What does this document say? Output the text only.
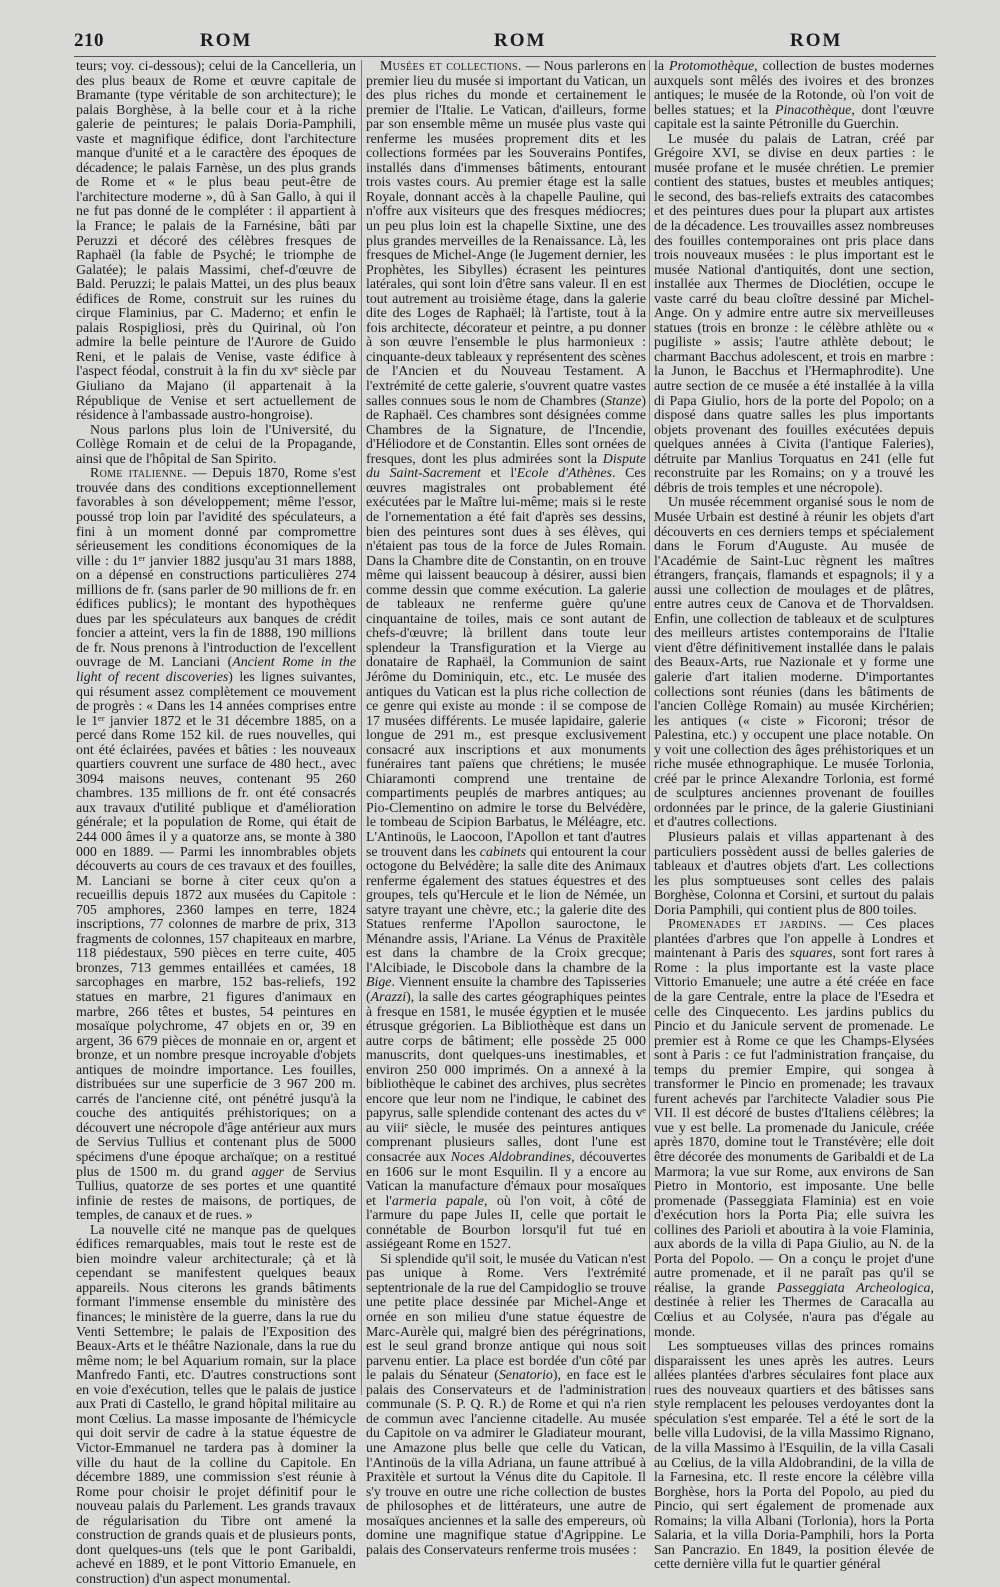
210	ROM	ROM	ROM

teurs; voy. ci-dessous); celui de la Cancelleria, un des plus beaux de Rome et œuvre capitale de Bramante (type véritable de son architecture); le palais Borghèse, à la belle cour et à la riche galerie de peintures; le palais Doria-Pamphili, vaste et magnifique édifice, dont l'architecture manque d'unité et a le caractère des époques de décadence; le palais Farnèse, un des plus grands de Rome et « le plus beau peut-être de l'architecture moderne », dû à San Gallo, à qui il ne fut pas donné de le compléter : il appartient à la France; le palais de la Farnésine, bâti par Peruzzi et décoré des célèbres fresques de Raphaël (la fable de Psyché; le triomphe de Galatée); le palais Massimi, chef-d'œuvre de Bald. Peruzzi; le palais Mattei, un des plus beaux édifices de Rome, construit sur les ruines du cirque Flaminius, par C. Maderno; et enfin le palais Rospigliosi, près du Quirinal, où l'on admire la belle peinture de l'Aurore de Guido Reni, et le palais de Venise, vaste édifice à l'aspect féodal, construit à la fin du xvᵉ siècle par Giuliano da Majano (il appartenait à la République de Venise et sert actuellement de résidence à l'ambassade austro-hongroise).

Nous parlons plus loin de l'Université, du Collège Romain et de celui de la Propagande, ainsi que de l'hôpital de San Spirito.

Rome italienne. — Depuis 1870, Rome s'est trouvée dans des conditions exceptionnellement favorables à son développement; même l'essor, poussé trop loin par l'avidité des spéculateurs, a fini à un moment donné par compromettre sérieusement les conditions économiques de la ville : du 1ᵉʳ janvier 1882 jusqu'au 31 mars 1888, on a dépensé en constructions particulières 274 millions de fr. (sans parler de 90 millions de fr. en édifices publics); le montant des hypothèques dues par les spéculateurs aux banques de crédit foncier a atteint, vers la fin de 1888, 190 millions de fr. Nous prenons à l'introduction de l'excellent ouvrage de M. Lanciani (Ancient Rome in the light of recent discoveries) les lignes suivantes, qui résument assez complètement ce mouvement de progrès : « Dans les 14 années comprises entre le 1ᵉʳ janvier 1872 et le 31 décembre 1885, on a percé dans Rome 152 kil. de rues nouvelles, qui ont été éclairées, pavées et bâties : les nouveaux quartiers couvrent une surface de 480 hect., avec 3094 maisons neuves, contenant 95 260 chambres. 135 millions de fr. ont été consacrés aux travaux d'utilité publique et d'amélioration générale; et la population de Rome, qui était de 244 000 âmes il y a quatorze ans, se monte à 380 000 en 1889. — Parmi les innombrables objets découverts au cours de ces travaux et des fouilles, M. Lanciani se borne à citer ceux qu'on a recueillis depuis 1872 aux musées du Capitole : 705 amphores, 2360 lampes en terre, 1824 inscriptions, 77 colonnes de marbre de prix, 313 fragments de colonnes, 157 chapiteaux en marbre, 118 piédestaux, 590 pièces en terre cuite, 405 bronzes, 713 gemmes entaillées et camées, 18 sarcophages en marbre, 152 bas-reliefs, 192 statues en marbre, 21 figures d'animaux en marbre, 266 têtes et bustes, 54 peintures en mosaïque polychrome, 47 objets en or, 39 en argent, 36 679 pièces de monnaie en or, argent et bronze, et un nombre presque incroyable d'objets antiques de moindre importance. Les fouilles, distribuées sur une superficie de 3 967 200 m. carrés de l'ancienne cité, ont pénétré jusqu'à la couche des antiquités préhistoriques; on a découvert une nécropole d'âge antérieur aux murs de Servius Tullius et contenant plus de 5000 spécimens d'une époque archaïque; on a restitué plus de 1500 m. du grand agger de Servius Tullius, quatorze de ses portes et une quantité infinie de restes de maisons, de portiques, de temples, de canaux et de rues. »

La nouvelle cité ne manque pas de quelques édifices remarquables, mais tout le reste est de bien moindre valeur architecturale; çà et là cependant se manifestent quelques beaux appareils. Nous citerons les grands bâtiments formant l'immense ensemble du ministère des finances; le ministère de la guerre, dans la rue du Venti Settembre; le palais de l'Exposition des Beaux-Arts et le théâtre Nazionale, dans la rue du même nom; le bel Aquarium romain, sur la place Manfredo Fanti, etc. D'autres constructions sont en voie d'exécution, telles que le palais de justice aux Prati di Castello, le grand hôpital militaire au mont Cœlius. La masse imposante de l'hémicycle qui doit servir de cadre à la statue équestre de Victor-Emmanuel ne tardera pas à dominer la ville du haut de la colline du Capitole. En décembre 1889, une commission s'est réunie à Rome pour choisir le projet définitif pour le nouveau palais du Parlement. Les grands travaux de régularisation du Tibre ont amené la construction de grands quais et de plusieurs ponts, dont quelques-uns (tels que le pont Garibaldi, achevé en 1889, et le pont Vittorio Emanuele, en construction) d'un aspect monumental.

Musées et collections. — Nous parlerons en premier lieu du musée si important du Vatican, un des plus riches du monde et certainement le premier de l'Italie. Le Vatican, d'ailleurs, forme par son ensemble même un musée plus vaste qui renferme les musées proprement dits et les collections formées par les Souverains Pontifes, installés dans d'immenses bâtiments, entourant trois vastes cours. Au premier étage est la salle Royale, donnant accès à la chapelle Pauline, qui n'offre aux visiteurs que des fresques médiocres; un peu plus loin est la chapelle Sixtine, une des plus grandes merveilles de la Renaissance. Là, les fresques de Michel-Ange (le Jugement dernier, les Prophètes, les Sibylles) écrasent les peintures latérales, qui sont loin d'être sans valeur. Il en est tout autrement au troisième étage, dans la galerie dite des Loges de Raphaël; là l'artiste, tout à la fois architecte, décorateur et peintre, a pu donner à son œuvre l'ensemble le plus harmonieux : cinquante-deux tableaux y représentent des scènes de l'Ancien et du Nouveau Testament. A l'extrémité de cette galerie, s'ouvrent quatre vastes salles connues sous le nom de Chambres (Stanze) de Raphaël. Ces chambres sont désignées comme Chambres de la Signature, de l'Incendie, d'Héliodore et de Constantin. Elles sont ornées de fresques, dont les plus admirées sont la Dispute du Saint-Sacrement et l'Ecole d'Athènes. Ces œuvres magistrales ont probablement été exécutées par le Maître lui-même; mais si le reste de l'ornementation a été fait d'après ses dessins, bien des peintures sont dues à ses élèves, qui n'étaient pas tous de la force de Jules Romain. Dans la Chambre dite de Constantin, on en trouve même qui laissent beaucoup à désirer, aussi bien comme dessin que comme exécution. La galerie de tableaux ne renferme guère qu'une cinquantaine de toiles, mais ce sont autant de chefs-d'œuvre; là brillent dans toute leur splendeur la Transfiguration et la Vierge au donataire de Raphaël, la Communion de saint Jérôme du Dominiquin, etc., etc. Le musée des antiques du Vatican est la plus riche collection de ce genre qui existe au monde : il se compose de 17 musées différents. Le musée lapidaire, galerie longue de 291 m., est presque exclusivement consacré aux inscriptions et aux monuments funéraires tant païens que chrétiens; le musée Chiaramonti comprend une trentaine de compartiments peuplés de marbres antiques; au Pio-Clementino on admire le torse du Belvédère, le tombeau de Scipion Barbatus, le Méléagre, etc. L'Antinoüs, le Laocoon, l'Apollon et tant d'autres se trouvent dans les cabinets qui entourent la cour octogone du Belvédère; la salle dite des Animaux renferme également des statues équestres et des groupes, tels qu'Hercule et le lion de Némée, un satyre trayant une chèvre, etc.; la galerie dite des Statues renferme l'Apollon sauroctone, le Ménandre assis, l'Ariane. La Vénus de Praxitèle est dans la chambre de la Croix grecque; l'Alcibiade, le Discobole dans la chambre de la Bige. Viennent ensuite la chambre des Tapisseries (Arazzi), la salle des cartes géographiques peintes à fresque en 1581, le musée égyptien et le musée étrusque grégorien. La Bibliothèque est dans un autre corps de bâtiment; elle possède 25 000 manuscrits, dont quelques-uns inestimables, et environ 250 000 imprimés. On a annexé à la bibliothèque le cabinet des archives, plus secrètes encore que leur nom ne l'indique, le cabinet des papyrus, salle splendide contenant des actes du vᵉ au viiiᵉ siècle, le musée des peintures antiques comprenant plusieurs salles, dont l'une est consacrée aux Noces Aldobrandines, découvertes en 1606 sur le mont Esquilin. Il y a encore au Vatican la manufacture d'émaux pour mosaïques et l'armeria papale, où l'on voit, à côté de l'armure du pape Jules II, celle que portait le connétable de Bourbon lorsqu'il fut tué en assiégeant Rome en 1527.

Si splendide qu'il soit, le musée du Vatican n'est pas unique à Rome. Vers l'extrémité septentrionale de la rue del Campidoglio se trouve une petite place dessinée par Michel-Ange et ornée en son milieu d'une statue équestre de Marc-Aurèle qui, malgré bien des pérégrinations, est le seul grand bronze antique qui nous soit parvenu entier. La place est bordée d'un côté par le palais du Sénateur (Senatorio), en face est le palais des Conservateurs et de l'administration communale (S. P. Q. R.) de Rome et qui n'a rien de commun avec l'ancienne citadelle. Au musée du Capitole on va admirer le Gladiateur mourant, une Amazone plus belle que celle du Vatican, l'Antinoüs de la villa Adriana, un faune attribué à Praxitèle et surtout la Vénus dite du Capitole. Il s'y trouve en outre une riche collection de bustes de philosophes et de littérateurs, une autre de mosaïques anciennes et la salle des empereurs, où domine une magnifique statue d'Agrippine. Le palais des Conservateurs renferme trois musées :

la Protomothèque, collection de bustes modernes auxquels sont mêlés des ivoires et des bronzes antiques; le musée de la Rotonde, où l'on voit de belles statues; et la Pinacothèque, dont l'œuvre capitale est la sainte Pétronille du Guerchin.

Le musée du palais de Latran, créé par Grégoire XVI, se divise en deux parties : le musée profane et le musée chrétien. Le premier contient des statues, bustes et meubles antiques; le second, des bas-reliefs extraits des catacombes et des peintures dues pour la plupart aux artistes de la décadence. Les trouvailles assez nombreuses des fouilles contemporaines ont pris place dans trois nouveaux musées : le plus important est le musée National d'antiquités, dont une section, installée aux Thermes de Dioclétien, occupe le vaste carré du beau cloître dessiné par Michel-Ange. On y admire entre autre six merveilleuses statues (trois en bronze : le célèbre athlète ou « pugiliste » assis; l'autre athlète debout; le charmant Bacchus adolescent, et trois en marbre : la Junon, le Bacchus et l'Hermaphrodite). Une autre section de ce musée a été installée à la villa di Papa Giulio, hors de la porte del Popolo; on a disposé dans quatre salles les plus importants objets provenant des fouilles exécutées depuis quelques années à Civita (l'antique Faleries), détruite par Manlius Torquatus en 241 (elle fut reconstruite par les Romains; on y a trouvé les débris de trois temples et une nécropole).

Un musée récemment organisé sous le nom de Musée Urbain est destiné à réunir les objets d'art découverts en ces derniers temps et spécialement dans le Forum d'Auguste. Au musée de l'Académie de Saint-Luc règnent les maîtres étrangers, français, flamands et espagnols; il y a aussi une collection de moulages et de plâtres, entre autres ceux de Canova et de Thorvaldsen. Enfin, une collection de tableaux et de sculptures des meilleurs artistes contemporains de l'Italie vient d'être définitivement installée dans le palais des Beaux-Arts, rue Nazionale et y forme une galerie d'art italien moderne. D'importantes collections sont réunies (dans les bâtiments de l'ancien Collège Romain) au musée Kirchérien; les antiques (« ciste » Ficoroni; trésor de Palestina, etc.) y occupent une place notable. On y voit une collection des âges préhistoriques et un riche musée ethnographique. Le musée Torlonia, créé par le prince Alexandre Torlonia, est formé de sculptures anciennes provenant de fouilles ordonnées par le prince, de la galerie Giustiniani et d'autres collections.

Plusieurs palais et villas appartenant à des particuliers possèdent aussi de belles galeries de tableaux et d'autres objets d'art. Les collections les plus somptueuses sont celles des palais Borghèse, Colonna et Corsini, et surtout du palais Doria Pamphili, qui contient plus de 800 toiles.

Promenades et jardins. — Ces places plantées d'arbres que l'on appelle à Londres et maintenant à Paris des squares, sont fort rares à Rome : la plus importante est la vaste place Vittorio Emanuele; une autre a été créée en face de la gare Centrale, entre la place de l'Esedra et celle des Cinquecento. Les jardins publics du Pincio et du Janicule servent de promenade. Le premier est à Rome ce que les Champs-Elysées sont à Paris : ce fut l'administration française, du temps du premier Empire, qui songea à transformer le Pincio en promenade; les travaux furent achevés par l'architecte Valadier sous Pie VII. Il est décoré de bustes d'Italiens célèbres; la vue y est belle. La promenade du Janicule, créée après 1870, domine tout le Transtévère; elle doit être décorée des monuments de Garibaldi et de La Marmora; la vue sur Rome, aux environs de San Pietro in Montorio, est imposante. Une belle promenade (Passeggiata Flaminia) est en voie d'exécution hors la Porta Pia; elle suivra les collines des Parioli et aboutira à la voie Flaminia, aux abords de la villa di Papa Giulio, au N. de la Porta del Popolo. — On a conçu le projet d'une autre promenade, et il ne paraît pas qu'il se réalise, la grande Passeggiata Archeologica, destinée à relier les Thermes de Caracalla au Cœlius et au Colysée, n'aura pas d'égale au monde.

Les somptueuses villas des princes romains disparaissent les unes après les autres. Leurs allées plantées d'arbres séculaires font place aux rues des nouveaux quartiers et des bâtisses sans style remplacent les pelouses verdoyantes dont la spéculation s'est emparée. Tel a été le sort de la belle villa Ludovisi, de la villa Massimo Rignano, de la villa Massimo à l'Esquilin, de la villa Casali au Cœlius, de la villa Aldobrandini, de la villa de la Farnesina, etc. Il reste encore la célèbre villa Borghèse, hors la Porta del Popolo, au pied du Pincio, qui sert également de promenade aux Romains; la villa Albani (Torlonia), hors la Porta Salaria, et la villa Doria-Pamphili, hors la Porta San Pancrazio. En 1849, la position élevée de cette dernière villa fut le quartier général
